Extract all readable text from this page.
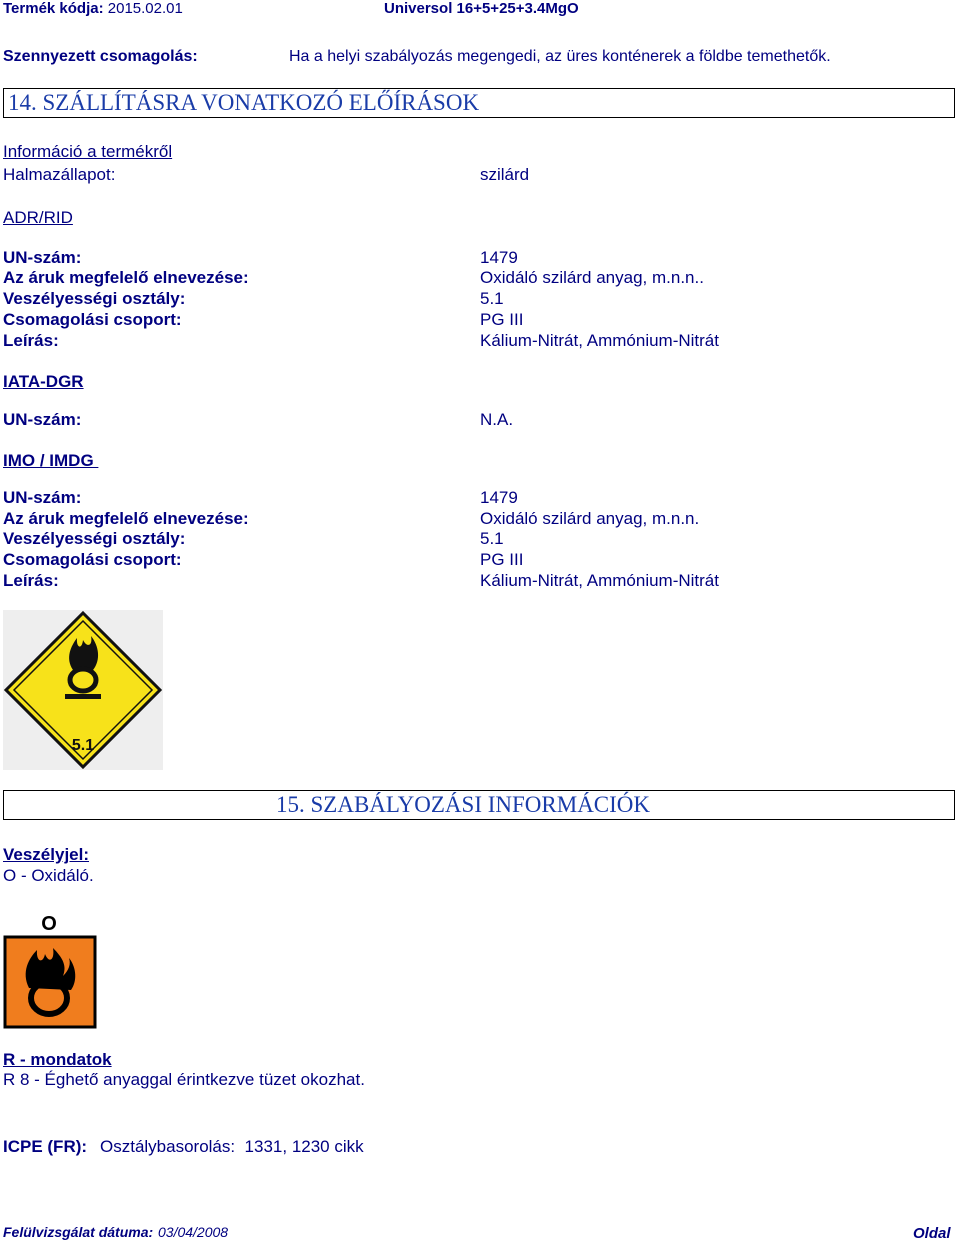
Termék kódja: 2015.02.01	Universol 16+5+25+3.4MgO
Szennyezett csomagolás:	Ha a helyi szabályozás megengedi, az üres konténerek a földbe temethetők.
14. SZÁLLÍTÁSRA VONATKOZÓ ELŐÍRÁSOK
Információ a termékről
Halmazállapot:	szilárd
ADR/RID
UN-szám:	1479
Az áruk megfelelő elnevezése:	Oxidáló szilárd anyag, m.n.n..
Veszélyességi osztály:	5.1
Csomagolási csoport:	PG III
Leírás:	Kálium-Nitrát, Ammónium-Nitrát
IATA-DGR
UN-szám:	N.A.
IMO / IMDG
UN-szám:	1479
Az áruk megfelelő elnevezése:	Oxidáló szilárd anyag, m.n.n.
Veszélyességi osztály:	5.1
Csomagolási csoport:	PG III
Leírás:	Kálium-Nitrát, Ammónium-Nitrát
5.1
15. SZABÁLYOZÁSI INFORMÁCIÓK
Veszélyjel:
O - Oxidáló.
O
R - mondatok
R 8 - Éghető anyaggal érintkezve tüzet okozhat.
ICPE (FR): Osztálybasorolás:  1331, 1230 cikk
Felülvizsgálat dátuma: 03/04/2008	Oldal
